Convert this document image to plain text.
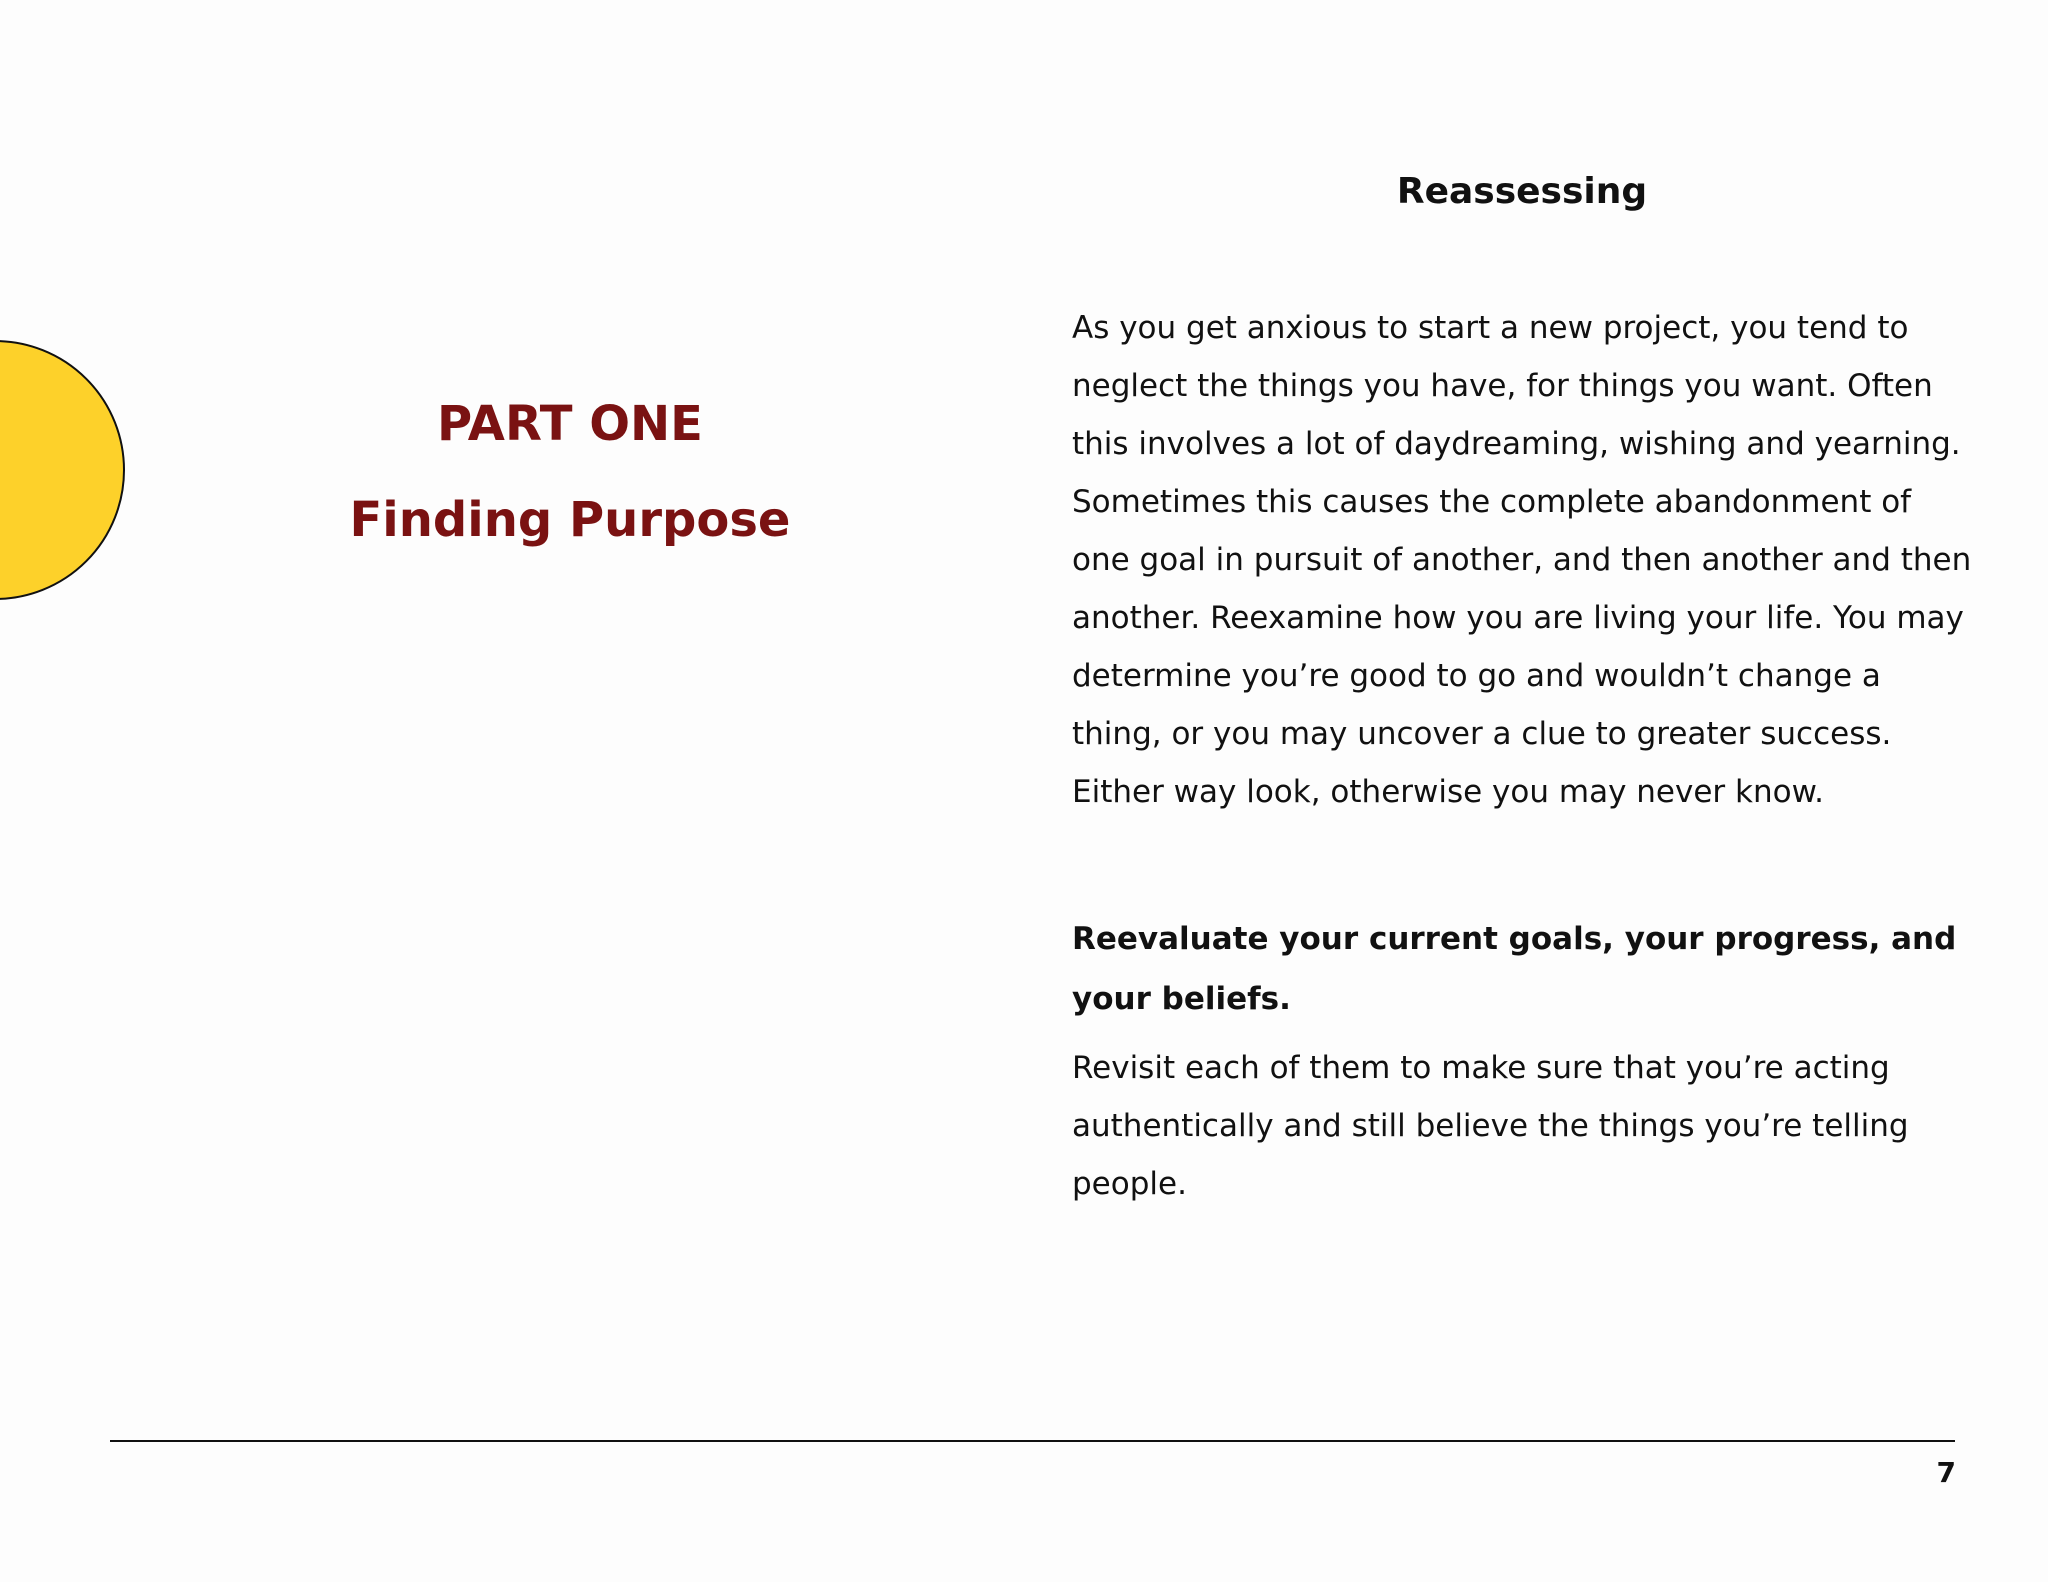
PART ONE
Finding Purpose
Reassessing

As you get anxious to start a new project, you tend to neglect the things you have, for things you want. Often this involves a lot of daydreaming, wishing and yearning. Sometimes this causes the complete abandonment of one goal in pursuit of another, and then another and then another. Reexamine how you are living your life. You may determine you’re good to go and wouldn’t change a thing, or you may uncover a clue to greater success. Either way look, otherwise you may never know.

Reevaluate your current goals, your progress, and your beliefs.

Revisit each of them to make sure that you’re acting authentically and still believe the things you’re telling people.

7
